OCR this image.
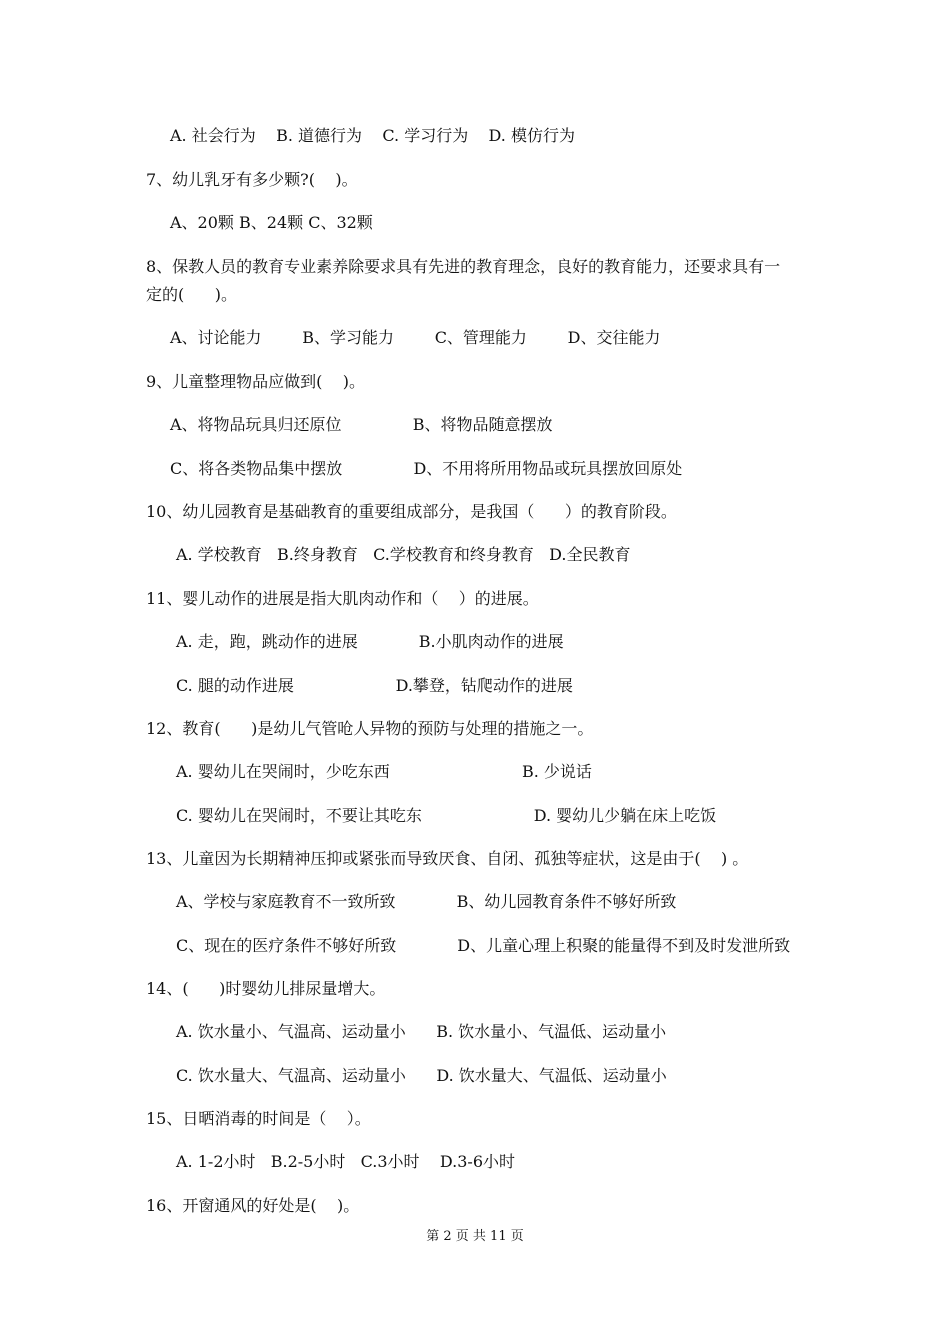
A. 社会行为    B. 道德行为    C. 学习行为    D. 模仿行为
7、幼儿乳牙有多少颗?(    )。
A、20颗 B、24颗 C、32颗
8、保教人员的教育专业素养除要求具有先进的教育理念，良好的教育能力，还要求具有一
定的(      )。
A、讨论能力        B、学习能力        C、管理能力        D、交往能力
9、儿童整理物品应做到(    )。
A、将物品玩具归还原位              B、将物品随意摆放
C、将各类物品集中摆放              D、不用将所用物品或玩具摆放回原处
10、幼儿园教育是基础教育的重要组成部分，是我国（      ）的教育阶段。
A. 学校教育   B.终身教育   C.学校教育和终身教育   D.全民教育
11、婴儿动作的进展是指大肌肉动作和（    ）的进展。
A. 走，跑，跳动作的进展            B.小肌肉动作的进展
C. 腿的动作进展                    D.攀登，钻爬动作的进展
12、教育(      )是幼儿气管呛人异物的预防与处理的措施之一。
A. 婴幼儿在哭闹时，少吃东西                          B. 少说话
C. 婴幼儿在哭闹时，不要让其吃东                      D. 婴幼儿少躺在床上吃饭
13、儿童因为长期精神压抑或紧张而导致厌食、自闭、孤独等症状，这是由于(    ) 。
A、学校与家庭教育不一致所致            B、幼儿园教育条件不够好所致
C、现在的医疗条件不够好所致            D、儿童心理上积聚的能量得不到及时发泄所致
14、(      )时婴幼儿排尿量增大。
A. 饮水量小、气温高、运动量小      B. 饮水量小、气温低、运动量小
C. 饮水量大、气温高、运动量小      D. 饮水量大、气温低、运动量小
15、日晒消毒的时间是（    ）。
A. 1-2小时   B.2-5小时   C.3小时    D.3-6小时
16、开窗通风的好处是(    )。
第 2 页 共 11 页
